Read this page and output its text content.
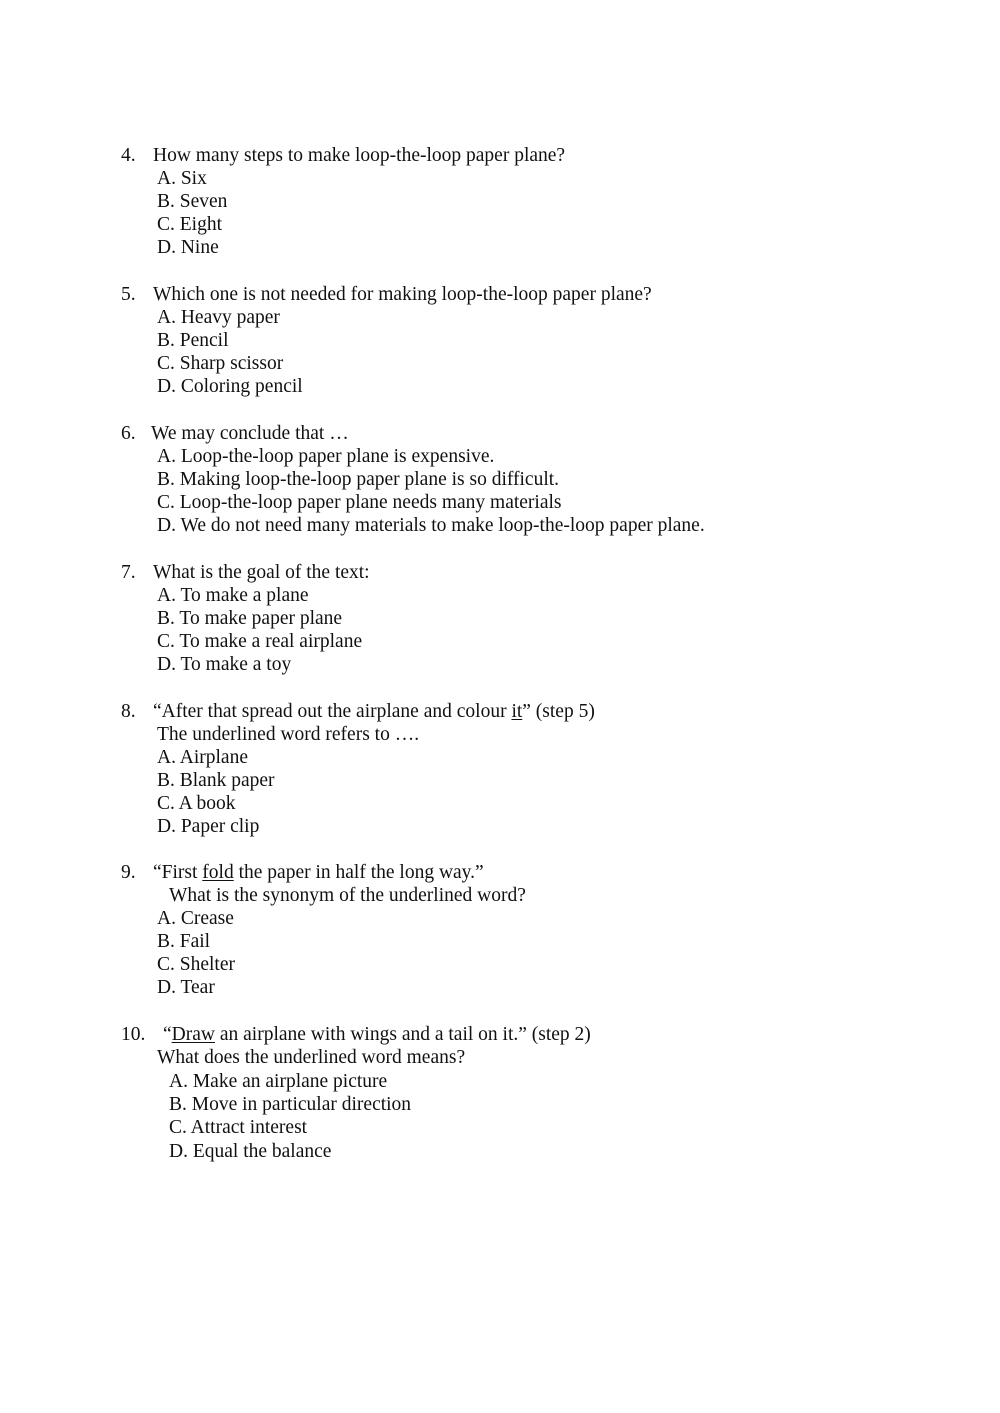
4. How many steps to make loop-the-loop paper plane?
A. Six
B. Seven
C. Eight
D. Nine
5. Which one is not needed for making loop-the-loop paper plane?
A. Heavy paper
B. Pencil
C. Sharp scissor
D. Coloring pencil
6. We may conclude that …
A. Loop-the-loop paper plane is expensive.
B. Making loop-the-loop paper plane is so difficult.
C. Loop-the-loop paper plane needs many materials
D. We do not need many materials to make loop-the-loop paper plane.
7. What is the goal of the text:
A. To make a plane
B. To make paper plane
C. To make a real airplane
D. To make a toy
8. “After that spread out the airplane and colour it” (step 5)
The underlined word refers to ….
A. Airplane
B. Blank paper
C. A book
D. Paper clip
9. “First fold the paper in half the long way.”
What is the synonym of the underlined word?
A. Crease
B. Fail
C. Shelter
D. Tear
10. “Draw an airplane with wings and a tail on it.” (step 2)
What does the underlined word means?
A. Make an airplane picture
B. Move in particular direction
C. Attract interest
D. Equal the balance
